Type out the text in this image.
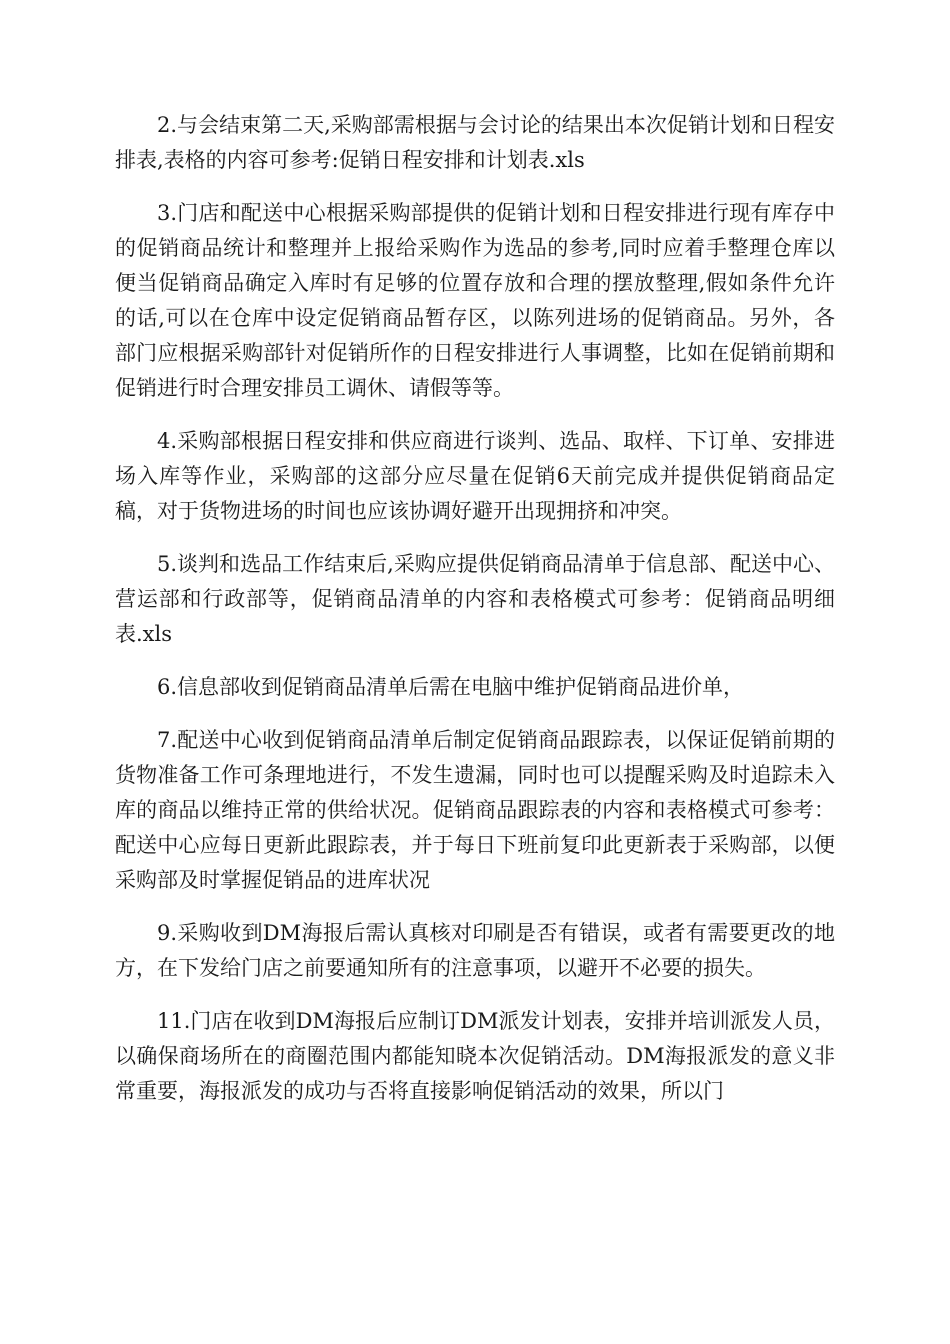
2.与会结束第二天,采购部需根据与会讨论的结果出本次促销计划和日程安排表,表格的内容可参考:促销日程安排和计划表.xls

3.门店和配送中心根据采购部提供的促销计划和日程安排进行现有库存中的促销商品统计和整理并上报给采购作为选品的参考,同时应着手整理仓库以便当促销商品确定入库时有足够的位置存放和合理的摆放整理,假如条件允许的话,可以在仓库中设定促销商品暂存区，以陈列进场的促销商品。另外，各部门应根据采购部针对促销所作的日程安排进行人事调整，比如在促销前期和促销进行时合理安排员工调休、请假等等。

4.采购部根据日程安排和供应商进行谈判、选品、取样、下订单、安排进场入库等作业，采购部的这部分应尽量在促销6天前完成并提供促销商品定稿，对于货物进场的时间也应该协调好避开出现拥挤和冲突。

5.谈判和选品工作结束后,采购应提供促销商品清单于信息部、配送中心、营运部和行政部等，促销商品清单的内容和表格模式可参考：促销商品明细表.xls

6.信息部收到促销商品清单后需在电脑中维护促销商品进价单，

7.配送中心收到促销商品清单后制定促销商品跟踪表，以保证促销前期的货物准备工作可条理地进行，不发生遗漏，同时也可以提醒采购及时追踪未入库的商品以维持正常的供给状况。促销商品跟踪表的内容和表格模式可参考：配送中心应每日更新此跟踪表，并于每日下班前复印此更新表于采购部，以便采购部及时掌握促销品的进库状况

9.采购收到DM海报后需认真核对印刷是否有错误，或者有需要更改的地方，在下发给门店之前要通知所有的注意事项，以避开不必要的损失。

11.门店在收到DM海报后应制订DM派发计划表，安排并培训派发人员，以确保商场所在的商圈范围内都能知晓本次促销活动。DM海报派发的意义非常重要，海报派发的成功与否将直接影响促销活动的效果，所以门
